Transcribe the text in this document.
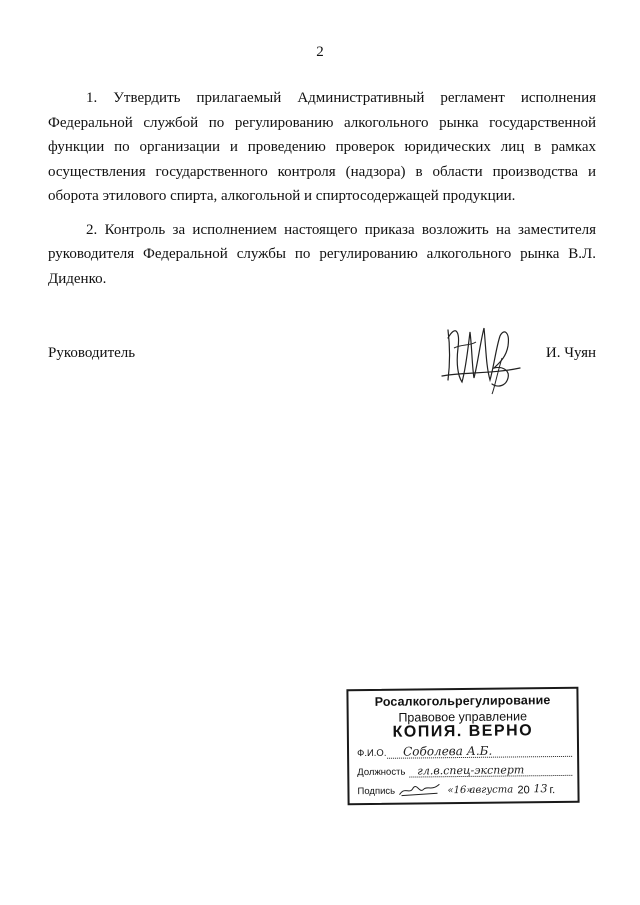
2

1. Утвердить прилагаемый Административный регламент исполнения Федеральной службой по регулированию алкогольного рынка государственной функции по организации и проведению проверок юридических лиц в рамках осуществления государственного контроля (надзора) в области производства и оборота этилового спирта, алкогольной и спиртосодержащей продукции.

2. Контроль за исполнением настоящего приказа возложить на заместителя руководителя Федеральной службы по регулированию алкогольного рынка В.Л. Диденко.

Руководитель	И. Чуян
Росалкогольрегулирование
Правовое управление
КОПИЯ. ВЕРНО
Ф.И.О. Соболева А.Б.
Должность гл.в.спец-эксперт
Подпись	«16»
августа 20 13 г.
